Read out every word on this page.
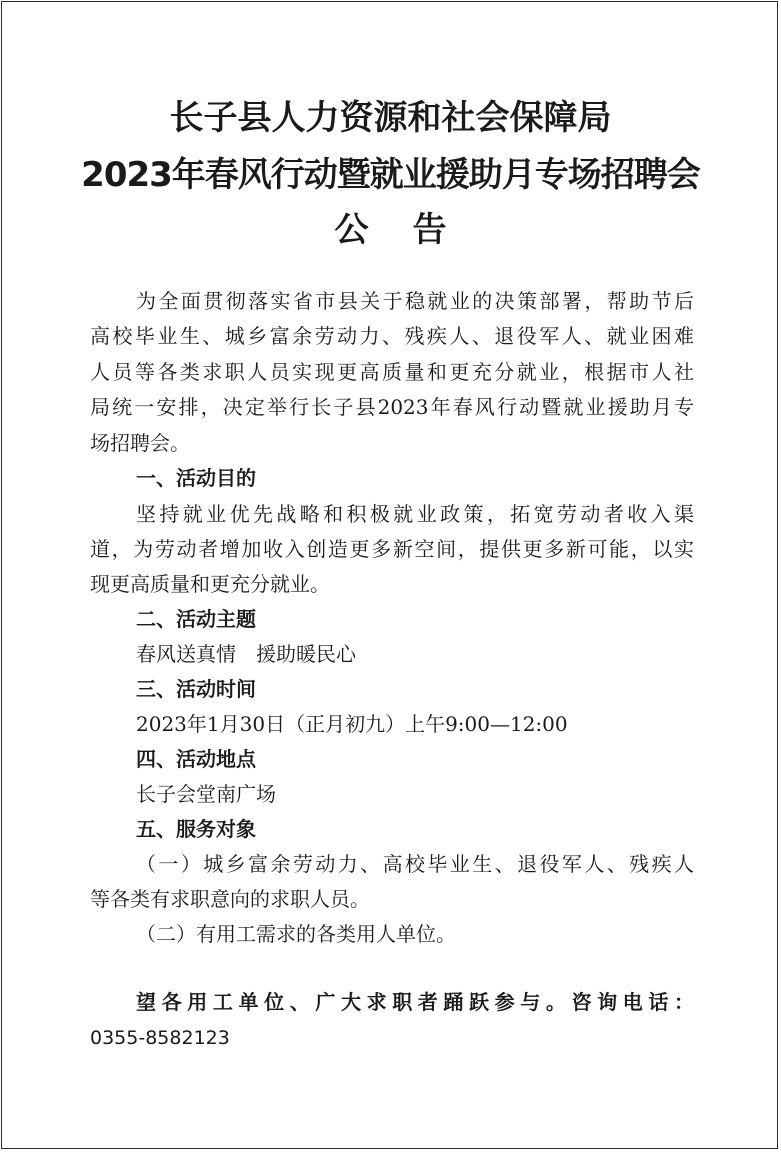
长子县人力资源和社会保障局
2023年春风行动暨就业援助月专场招聘会
公告
为全面贯彻落实省市县关于稳就业的决策部署，帮助节后
高校毕业生、城乡富余劳动力、残疾人、退役军人、就业困难
人员等各类求职人员实现更高质量和更充分就业，根据市人社
局统一安排，决定举行长子县2023年春风行动暨就业援助月专
场招聘会。
一、活动目的
坚持就业优先战略和积极就业政策，拓宽劳动者收入渠
道，为劳动者增加收入创造更多新空间，提供更多新可能，以实
现更高质量和更充分就业。
二、活动主题
春风送真情　援助暖民心
三、活动时间
2023年1月30日（正月初九）上午9:00—12:00
四、活动地点
长子会堂南广场
五、服务对象
（一）城乡富余劳动力、高校毕业生、退役军人、残疾人
等各类有求职意向的求职人员。
（二）有用工需求的各类用人单位。
望各用工单位、广大求职者踊跃参与。咨询电话：
0355-8582123
